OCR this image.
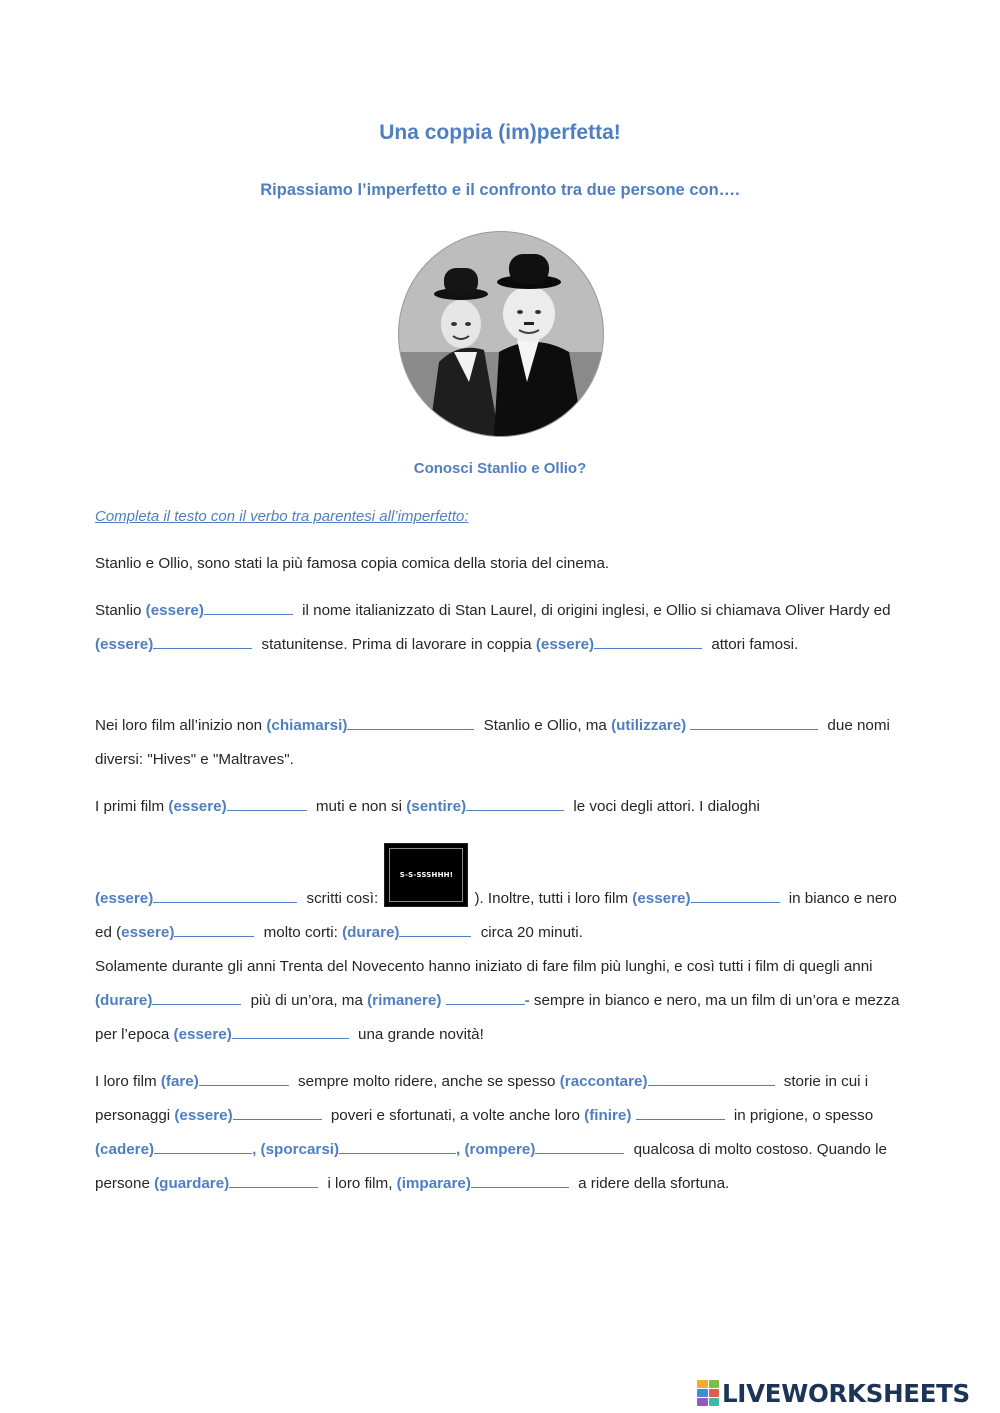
Una coppia (im)perfetta!
Ripassiamo l’imperfetto e il confronto tra due persone con….
Conosci Stanlio e Ollio?

Completa il testo con il verbo tra parentesi all’imperfetto:

Stanlio e Ollio, sono stati la più famosa copia comica della storia del cinema.

Stanlio (essere)	il nome italianizzato di Stan Laurel, di origini inglesi, e Ollio si chiamava Oliver Hardy ed (essere)	statunitense. Prima di lavorare in coppia (essere)	attori famosi.

Nei loro film all’inizio non (chiamarsi)	Stanlio e Ollio, ma (utilizzare)	due nomi diversi: "Hives" e "Maltraves".

I primi film (essere)	muti e non si (sentire)	le voci degli attori. I dialoghi

(essere)	scritti così:
S-S-SSSHHH!
). Inoltre, tutti i loro film (essere)	in bianco e nero ed (essere)	molto corti: (durare)	circa 20 minuti.

Solamente durante gli anni Trenta del Novecento hanno iniziato di fare film più lunghi, e così tutti i film di quegli anni (durare)	più di un’ora, ma (rimanere)	- sempre in bianco e nero, ma un film di un’ora e mezza per l’epoca (essere)	una grande novità!

I loro film (fare)	sempre molto ridere, anche se spesso (raccontare)	storie in cui i personaggi (essere)	poveri e sfortunati, a volte anche loro (finire)	in prigione, o spesso (cadere)	, (sporcarsi)	, (rompere)	qualcosa di molto costoso. Quando le persone (guardare)	i loro film, (imparare)	a ridere della sfortuna.

LIVEWORKSHEETS
